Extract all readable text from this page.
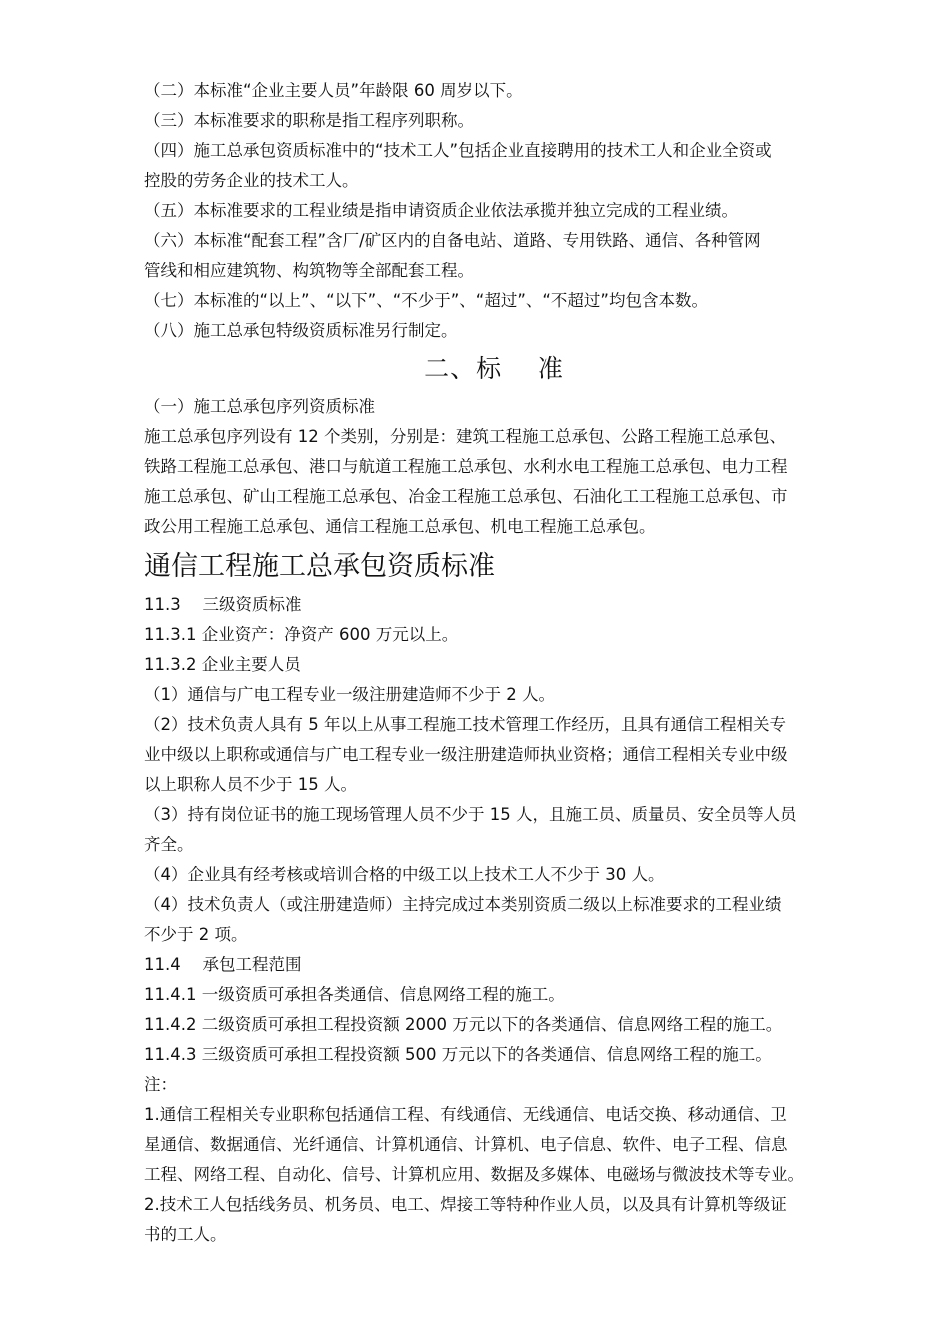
（二）本标准“企业主要人员”年龄限 60 周岁以下。
（三）本标准要求的职称是指工程序列职称。
（四）施工总承包资质标准中的“技术工人”包括企业直接聘用的技术工人和企业全资或
控股的劳务企业的技术工人。
（五）本标准要求的工程业绩是指申请资质企业依法承揽并独立完成的工程业绩。
（六）本标准“配套工程”含厂/矿区内的自备电站、道路、专用铁路、通信、各种管网
管线和相应建筑物、构筑物等全部配套工程。
（七）本标准的“以上”、“以下”、“不少于”、“超过”、“不超过”均包含本数。
（八）施工总承包特级资质标准另行制定。
二、标    准
（一）施工总承包序列资质标准
施工总承包序列设有 12 个类别，分别是：建筑工程施工总承包、公路工程施工总承包、
铁路工程施工总承包、港口与航道工程施工总承包、水利水电工程施工总承包、电力工程
施工总承包、矿山工程施工总承包、冶金工程施工总承包、石油化工工程施工总承包、市
政公用工程施工总承包、通信工程施工总承包、机电工程施工总承包。
通信工程施工总承包资质标准
11.3　 三级资质标准
11.3.1 企业资产：净资产 600 万元以上。
11.3.2 企业主要人员
（1）通信与广电工程专业一级注册建造师不少于 2 人。
（2）技术负责人具有 5 年以上从事工程施工技术管理工作经历，且具有通信工程相关专
业中级以上职称或通信与广电工程专业一级注册建造师执业资格；通信工程相关专业中级
以上职称人员不少于 15 人。
（3）持有岗位证书的施工现场管理人员不少于 15 人，且施工员、质量员、安全员等人员
齐全。
（4）企业具有经考核或培训合格的中级工以上技术工人不少于 30 人。
（4）技术负责人（或注册建造师）主持完成过本类别资质二级以上标准要求的工程业绩
不少于 2 项。
11.4　 承包工程范围
11.4.1 一级资质可承担各类通信、信息网络工程的施工。
11.4.2 二级资质可承担工程投资额 2000 万元以下的各类通信、信息网络工程的施工。
11.4.3 三级资质可承担工程投资额 500 万元以下的各类通信、信息网络工程的施工。
注：
1.通信工程相关专业职称包括通信工程、有线通信、无线通信、电话交换、移动通信、卫
星通信、数据通信、光纤通信、计算机通信、计算机、电子信息、软件、电子工程、信息
工程、网络工程、自动化、信号、计算机应用、数据及多媒体、电磁场与微波技术等专业。
2.技术工人包括线务员、机务员、电工、焊接工等特种作业人员，以及具有计算机等级证
书的工人。
